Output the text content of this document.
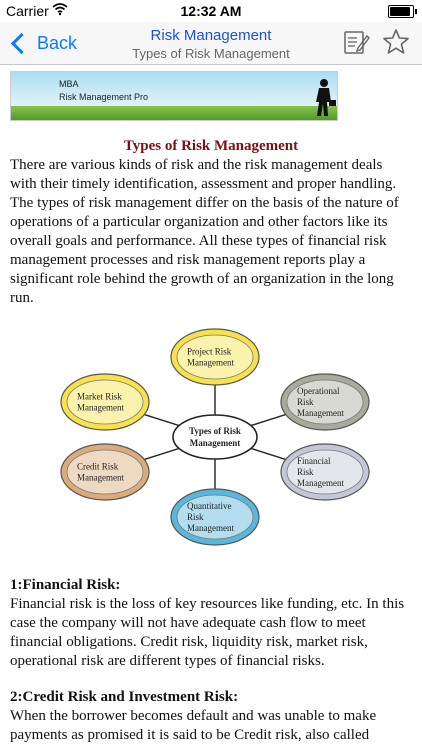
Carrier	12:32 AM
Back	Risk Management
Types of Risk Management
MBA
Risk Management Pro
Types of Risk Management

There are various kinds of risk and the risk management deals with their timely identification, assessment and proper handling. The types of risk management differ on the basis of the nature of operations of a particular organization and other factors like its overall goals and performance. All these types of financial risk management processes and risk management reports play a significant role behind the growth of an organization in the long run.

Project Risk
Management
Operational
Risk
Management
Financial
Risk
Management
Quantitative
Risk
Management
Credit Risk
Management
Market Risk
Management
Types of Risk
Management

1:Financial Risk:

Financial risk is the loss of key resources like funding, etc. In this case the company will not have adequate cash flow to meet financial obligations. Credit risk, liquidity risk, market risk, operational risk are different types of financial risks.

2:Credit Risk and Investment Risk:

When the borrower becomes default and was unable to make payments as promised it is said to be Credit risk, also called
